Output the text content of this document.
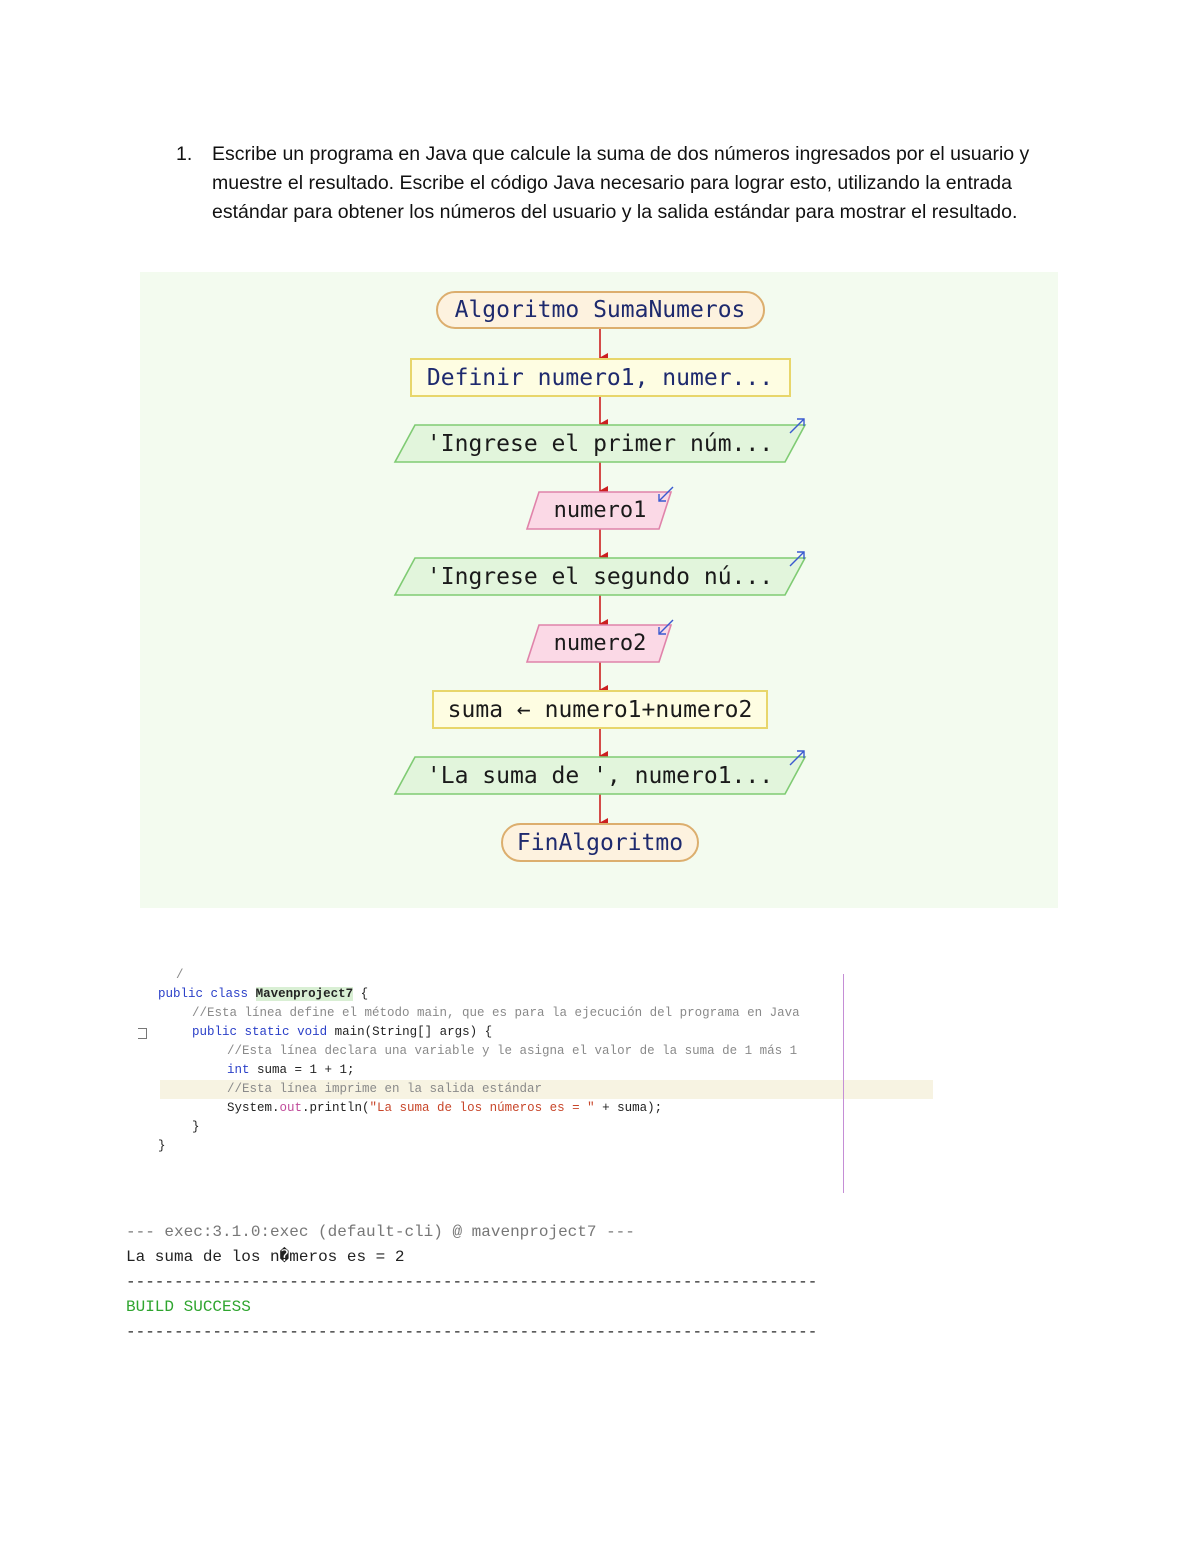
1.	Escribe un programa en Java que calcule la suma de dos números ingresados por el usuario y muestre el resultado. Escribe el código Java necesario para lograr esto, utilizando la entrada estándar para obtener los números del usuario y la salida estándar para mostrar el resultado.
Algoritmo SumaNumeros
Definir numero1, numer...
'Ingrese el primer núm...
numero1
'Ingrese el segundo nú...
numero2
suma ← numero1+numero2
'La suma de ', numero1...
FinAlgoritmo
/
public class Mavenproject7 {
//Esta línea define el método main, que es para la ejecución del programa en Java
public static void main(String[] args) {
//Esta línea declara una variable y le asigna el valor de la suma de 1 más 1
int suma = 1 + 1;
//Esta línea imprime en la salida estándar
System.out.println("La suma de los números es = " + suma);
}
}
--- exec:3.1.0:exec (default-cli) @ mavenproject7 ---
La suma de los n�meros es = 2
------------------------------------------------------------------------
BUILD SUCCESS
------------------------------------------------------------------------
